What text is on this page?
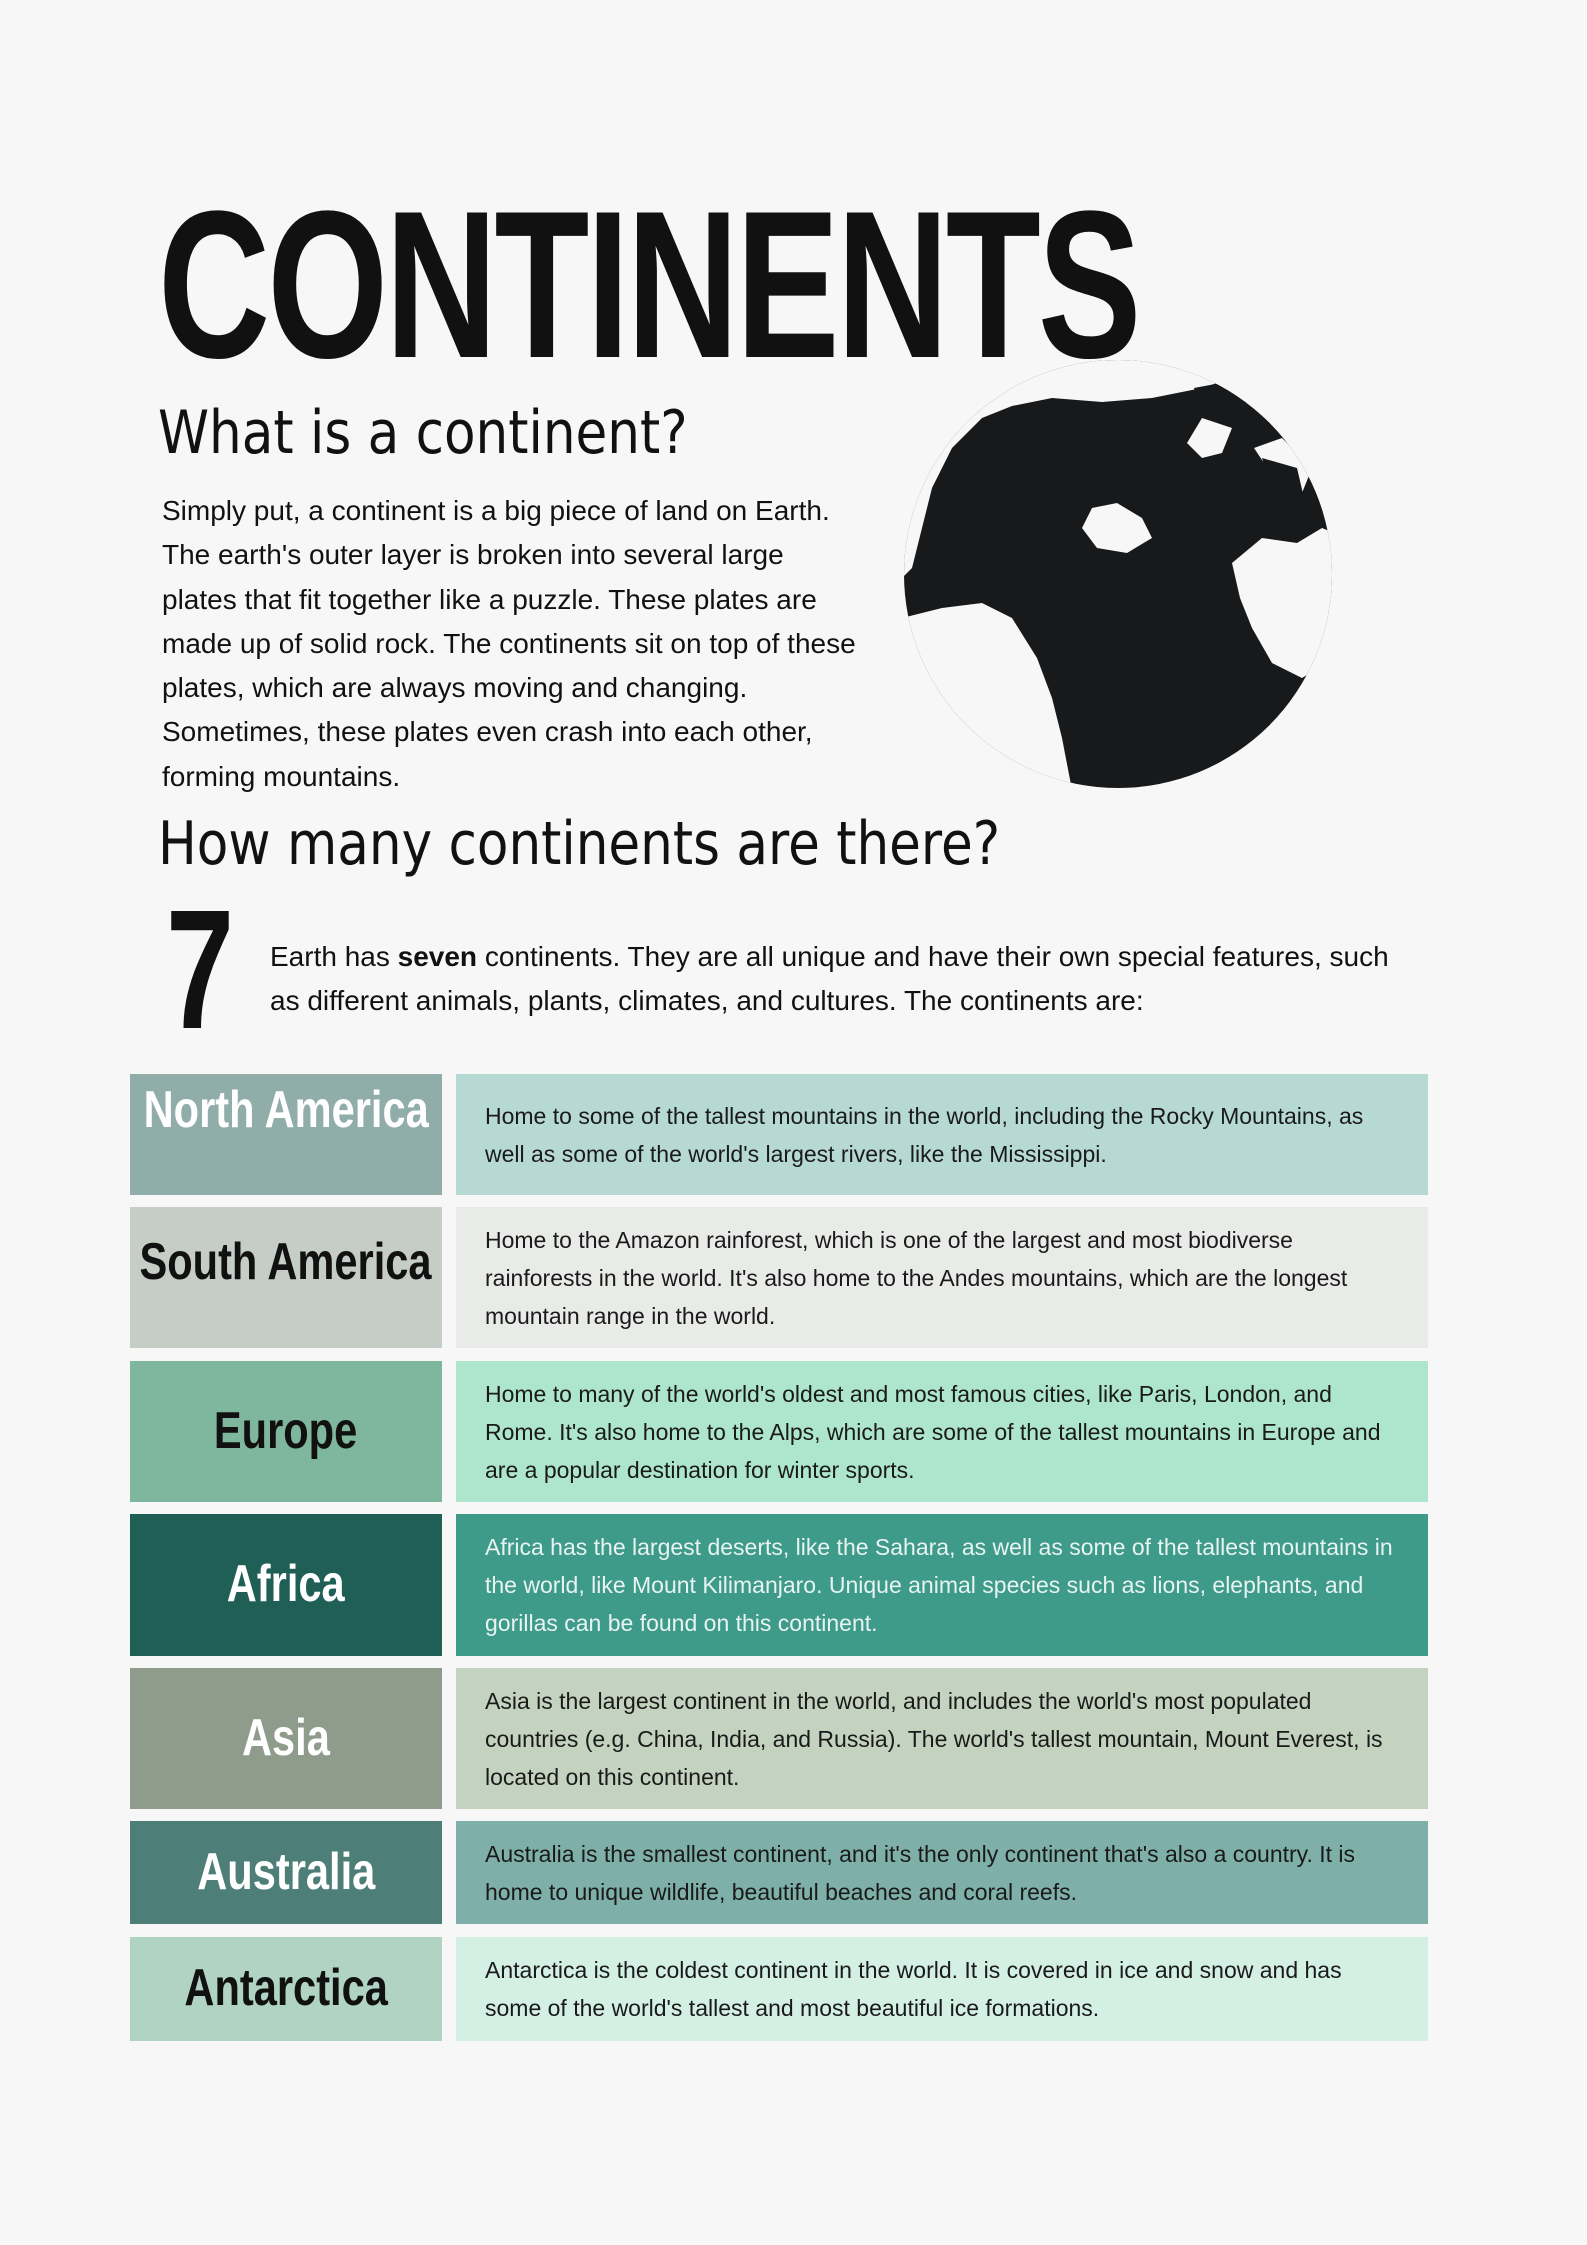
CONTINENTS
What is a continent?

Simply put, a continent is a big piece of land on Earth. The earth's outer layer is broken into several large plates that fit together like a puzzle. These plates are made up of solid rock. The continents sit on top of these plates, which are always moving and changing. Sometimes, these plates even crash into each other, forming mountains.

How many continents are there?
7 Earth has seven continents. They are all unique and have their own special features, such as different animals, plants, climates, and cultures. The continents are:

North America Home to some of the tallest mountains in the world, including the Rocky Mountains, as well as some of the world's largest rivers, like the Mississippi.
South America Home to the Amazon rainforest, which is one of the largest and most biodiverse rainforests in the world. It's also home to the Andes mountains, which are the longest mountain range in the world.
Europe
Home to many of the world's oldest and most famous cities, like Paris, London, and Rome. It's also home to the Alps, which are some of the tallest mountains in Europe and are a popular destination for winter sports.
Africa
Africa has the largest deserts, like the Sahara, as well as some of the tallest mountains in the world, like Mount Kilimanjaro. Unique animal species such as lions, elephants, and gorillas can be found on this continent.
Asia
Asia is the largest continent in the world, and includes the world's most populated countries (e.g. China, India, and Russia). The world's tallest mountain, Mount Everest, is located on this continent.
Australia	Australia is the smallest continent, and it's the only continent that's also a country. It is home to unique wildlife, beautiful beaches and coral reefs.
Antarctica	Antarctica is the coldest continent in the world. It is covered in ice and snow and has some of the world's tallest and most beautiful ice formations.
